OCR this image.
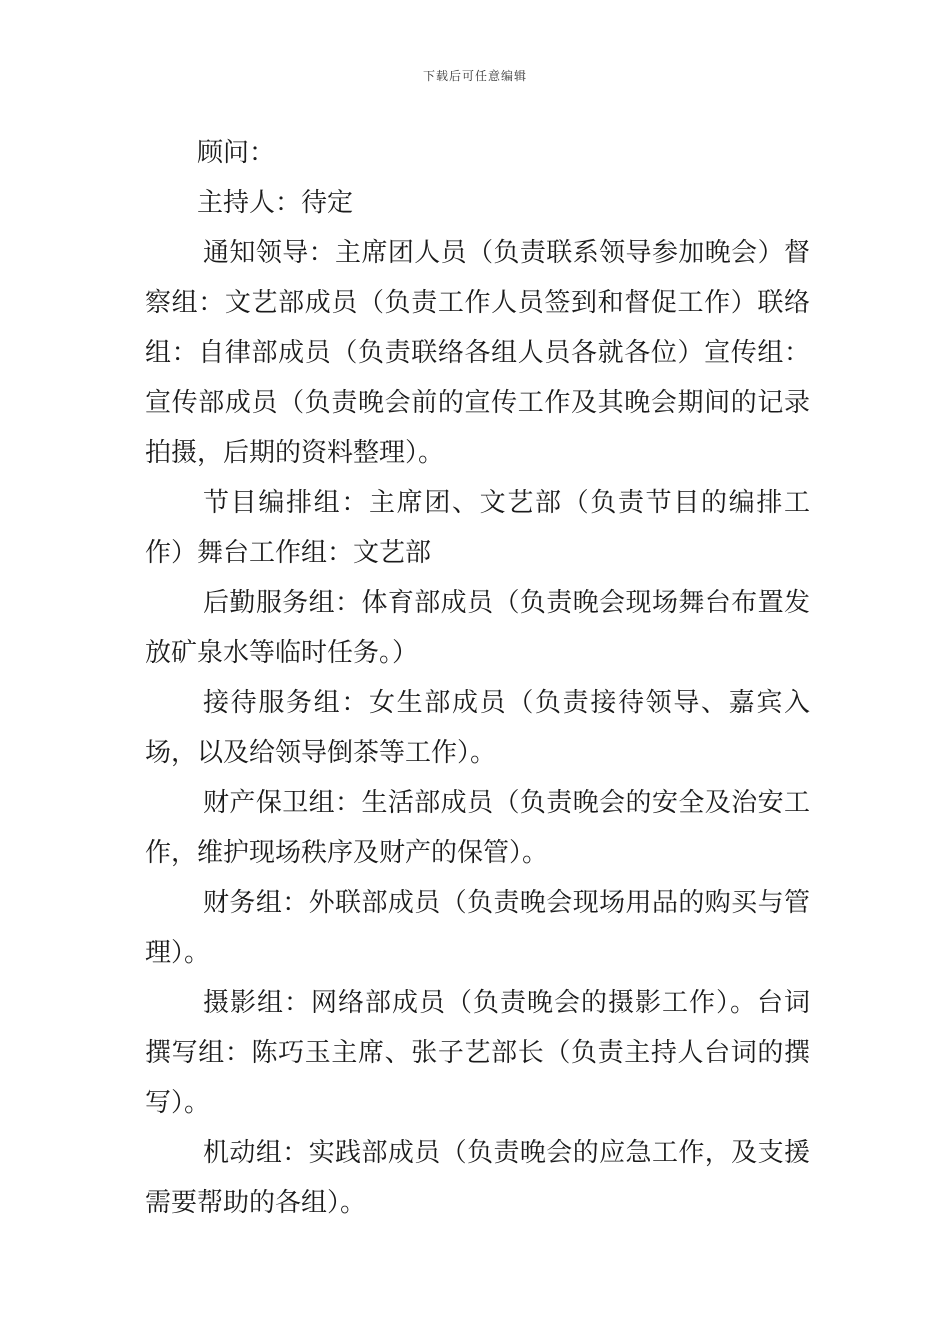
下载后可任意编辑

顾问：

主持人：待定

通知领导：主席团人员（负责联系领导参加晚会）督察组：文艺部成员（负责工作人员签到和督促工作）联络组：自律部成员（负责联络各组人员各就各位）宣传组：宣传部成员（负责晚会前的宣传工作及其晚会期间的记录拍摄，后期的资料整理）。

节目编排组：主席团、文艺部（负责节目的编排工作）舞台工作组：文艺部

后勤服务组：体育部成员（负责晚会现场舞台布置发放矿泉水等临时任务。）

接待服务组：女生部成员（负责接待领导、嘉宾入场，以及给领导倒茶等工作）。

财产保卫组：生活部成员（负责晚会的安全及治安工作，维护现场秩序及财产的保管）。

财务组：外联部成员（负责晚会现场用品的购买与管理）。

摄影组：网络部成员（负责晚会的摄影工作）。台词撰写组：陈巧玉主席、张子艺部长（负责主持人台词的撰写）。

机动组：实践部成员（负责晚会的应急工作，及支援需要帮助的各组）。
